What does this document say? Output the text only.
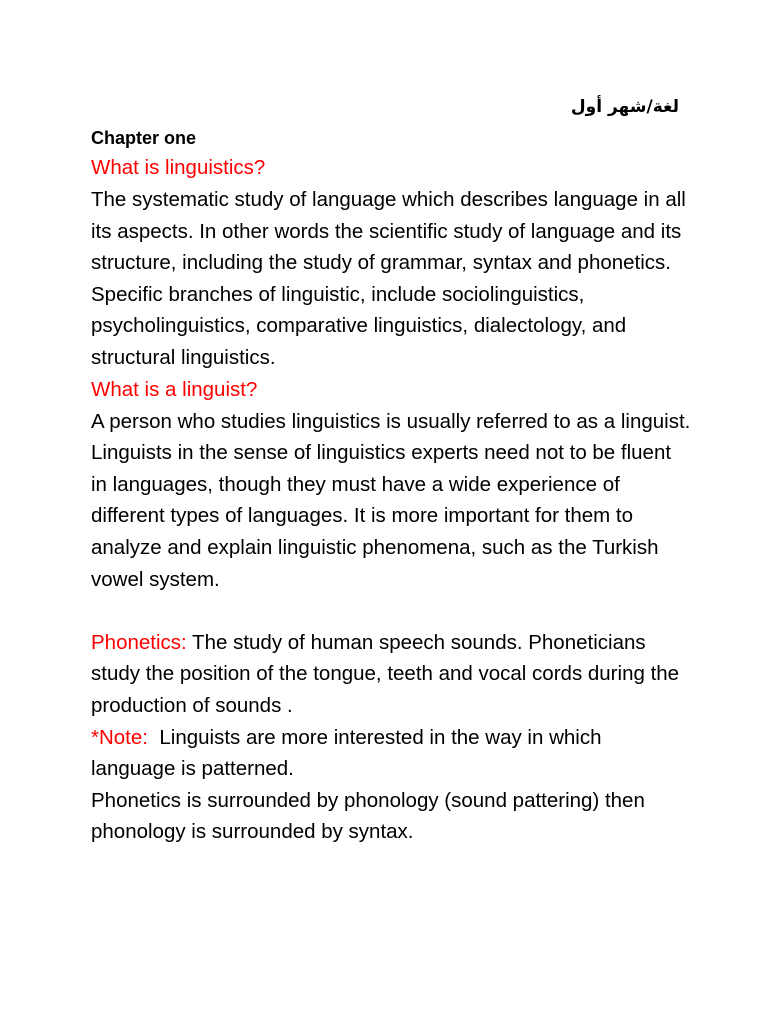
لغة/شهر أول
Chapter one
What is linguistics?

The systematic study of language which describes language in all its aspects. In other words the scientific study of language and its structure, including the study of grammar, syntax and phonetics. Specific branches of linguistic, include sociolinguistics, psycholinguistics, comparative linguistics, dialectology, and structural linguistics.

What is a linguist?

A person who studies linguistics is usually referred to as a linguist. Linguists in the sense of linguistics experts need not to be fluent in languages, though they must have a wide experience of different types of languages. It is more important for them to analyze and explain linguistic phenomena, such as the Turkish vowel system.

Phonetics: The study of human speech sounds. Phoneticians study the position of the tongue, teeth and vocal cords during the production of sounds .

*Note:  Linguists are more interested in the way in which language is patterned.

Phonetics is surrounded by phonology (sound pattering) then phonology is surrounded by syntax.
